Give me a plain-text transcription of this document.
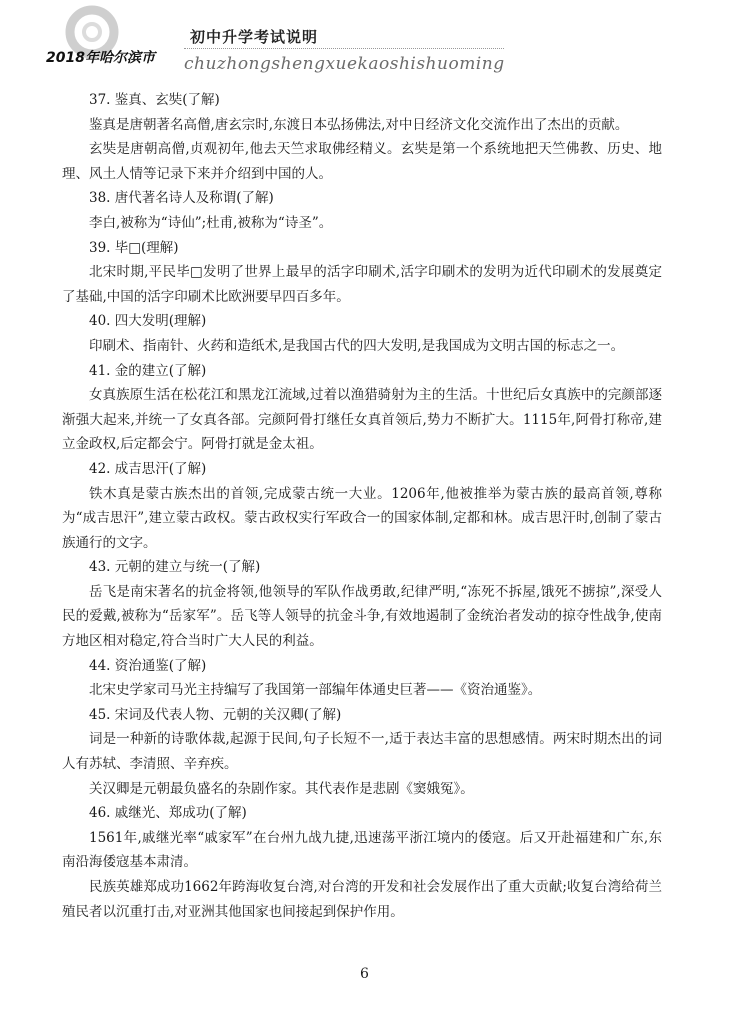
初中升学考试说明
2018年哈尔滨市 chuzhongshengxuekaoshishuoming

37. 鉴真、玄奘(了解)

鉴真是唐朝著名高僧,唐玄宗时,东渡日本弘扬佛法,对中日经济文化交流作出了杰出的贡献。

玄奘是唐朝高僧,贞观初年,他去天竺求取佛经精义。玄奘是第一个系统地把天竺佛教、历史、地理、风土人情等记录下来并介绍到中国的人。

38. 唐代著名诗人及称谓(了解)

李白,被称为“诗仙”;杜甫,被称为“诗圣”。

39. 毕□(理解)

北宋时期,平民毕□发明了世界上最早的活字印刷术,活字印刷术的发明为近代印刷术的发展奠定了基础,中国的活字印刷术比欧洲要早四百多年。

40. 四大发明(理解)

印刷术、指南针、火药和造纸术,是我国古代的四大发明,是我国成为文明古国的标志之一。

41. 金的建立(了解)

女真族原生活在松花江和黑龙江流域,过着以渔猎骑射为主的生活。十世纪后女真族中的完颜部逐渐强大起来,并统一了女真各部。完颜阿骨打继任女真首领后,势力不断扩大。1115年,阿骨打称帝,建立金政权,后定都会宁。阿骨打就是金太祖。

42. 成吉思汗(了解)

铁木真是蒙古族杰出的首领,完成蒙古统一大业。1206年,他被推举为蒙古族的最高首领,尊称为“成吉思汗”,建立蒙古政权。蒙古政权实行军政合一的国家体制,定都和林。成吉思汗时,创制了蒙古族通行的文字。

43. 元朝的建立与统一(了解)

岳飞是南宋著名的抗金将领,他领导的军队作战勇敢,纪律严明,“冻死不拆屋,饿死不掳掠”,深受人民的爱戴,被称为“岳家军”。岳飞等人领导的抗金斗争,有效地遏制了金统治者发动的掠夺性战争,使南方地区相对稳定,符合当时广大人民的利益。

44. 资治通鉴(了解)

北宋史学家司马光主持编写了我国第一部编年体通史巨著——《资治通鉴》。

45. 宋词及代表人物、元朝的关汉卿(了解)

词是一种新的诗歌体裁,起源于民间,句子长短不一,适于表达丰富的思想感情。两宋时期杰出的词人有苏轼、李清照、辛弃疾。

关汉卿是元朝最负盛名的杂剧作家。其代表作是悲剧《窦娥冤》。

46. 戚继光、郑成功(了解)

1561年,戚继光率“戚家军”在台州九战九捷,迅速荡平浙江境内的倭寇。后又开赴福建和广东,东南沿海倭寇基本肃清。

民族英雄郑成功1662年跨海收复台湾,对台湾的开发和社会发展作出了重大贡献;收复台湾给荷兰殖民者以沉重打击,对亚洲其他国家也间接起到保护作用。

6
